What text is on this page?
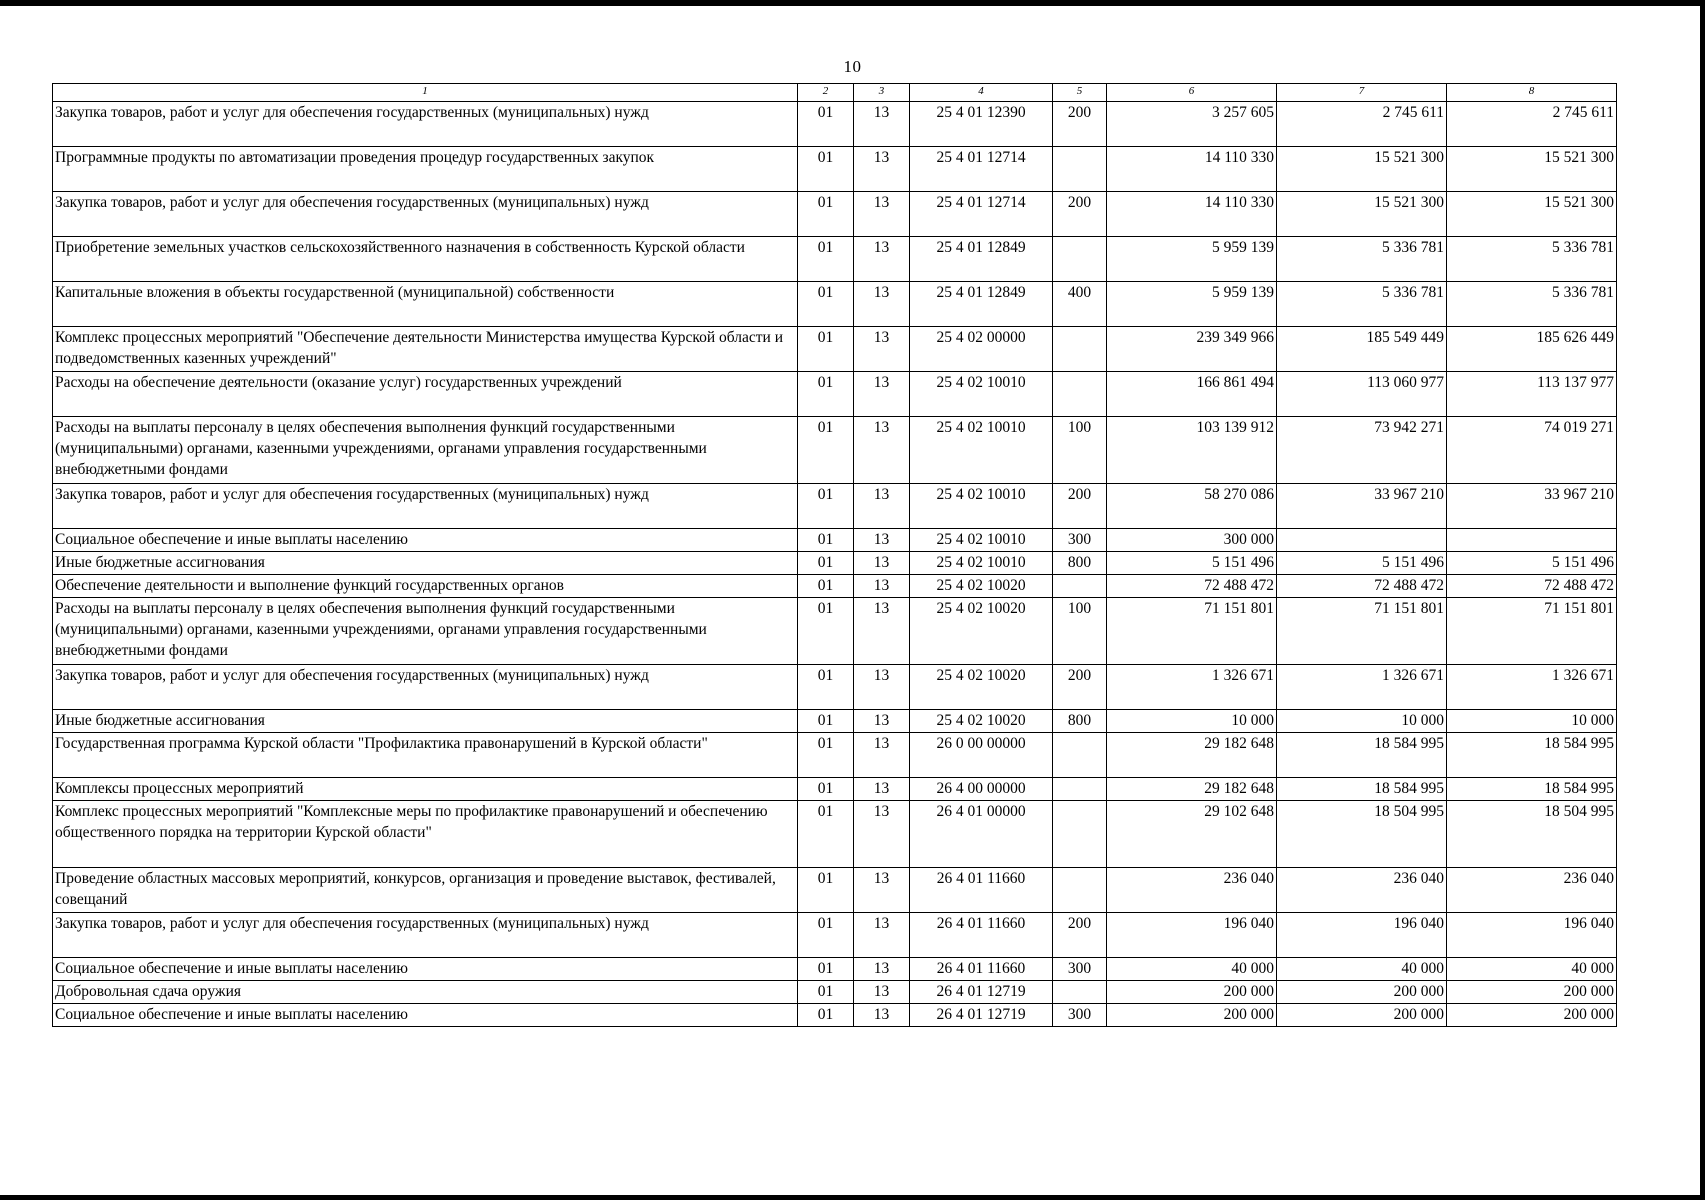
10
1	2	3	4	5	6	7	8
Закупка товаров, работ и услуг для обеспечения государственных (муниципальных) нужд	01	13	25 4 01 12390	200	3 257 605	2 745 611	2 745 611
Программные продукты по автоматизации проведения процедур государственных закупок	01	13	25 4 01 12714		14 110 330	15 521 300	15 521 300
Закупка товаров, работ и услуг для обеспечения государственных (муниципальных) нужд	01	13	25 4 01 12714	200	14 110 330	15 521 300	15 521 300
Приобретение земельных участков сельскохозяйственного назначения в собственность Курской области	01	13	25 4 01 12849		5 959 139	5 336 781	5 336 781
Капитальные вложения в объекты государственной (муниципальной) собственности	01	13	25 4 01 12849	400	5 959 139	5 336 781	5 336 781
Комплекс процессных мероприятий "Обеспечение деятельности Министерства имущества Курской области и подведомственных казенных учреждений"	01	13	25 4 02 00000		239 349 966	185 549 449	185 626 449
Расходы на обеспечение деятельности (оказание услуг) государственных учреждений	01	13	25 4 02 10010		166 861 494	113 060 977	113 137 977
Расходы на выплаты персоналу в целях обеспечения выполнения функций государственными (муниципальными) органами, казенными учреждениями, органами управления государственными внебюджетными фондами	01	13	25 4 02 10010	100	103 139 912	73 942 271	74 019 271
Закупка товаров, работ и услуг для обеспечения государственных (муниципальных) нужд	01	13	25 4 02 10010	200	58 270 086	33 967 210	33 967 210
Социальное обеспечение и иные выплаты населению	01	13	25 4 02 10010	300	300 000		
Иные бюджетные ассигнования	01	13	25 4 02 10010	800	5 151 496	5 151 496	5 151 496
Обеспечение деятельности и выполнение функций государственных органов	01	13	25 4 02 10020		72 488 472	72 488 472	72 488 472
Расходы на выплаты персоналу в целях обеспечения выполнения функций государственными (муниципальными) органами, казенными учреждениями, органами управления государственными внебюджетными фондами	01	13	25 4 02 10020	100	71 151 801	71 151 801	71 151 801
Закупка товаров, работ и услуг для обеспечения государственных (муниципальных) нужд	01	13	25 4 02 10020	200	1 326 671	1 326 671	1 326 671
Иные бюджетные ассигнования	01	13	25 4 02 10020	800	10 000	10 000	10 000
Государственная программа Курской области "Профилактика правонарушений в Курской области"	01	13	26 0 00 00000		29 182 648	18 584 995	18 584 995
Комплексы процессных мероприятий	01	13	26 4 00 00000		29 182 648	18 584 995	18 584 995
Комплекс процессных мероприятий "Комплексные меры по профилактике правонарушений и обеспечению общественного порядка на территории Курской области"	01	13	26 4 01 00000		29 102 648	18 504 995	18 504 995
Проведение областных массовых мероприятий, конкурсов, организация и проведение выставок, фестивалей, совещаний	01	13	26 4 01 11660		236 040	236 040	236 040
Закупка товаров, работ и услуг для обеспечения государственных (муниципальных) нужд	01	13	26 4 01 11660	200	196 040	196 040	196 040
Социальное обеспечение и иные выплаты населению	01	13	26 4 01 11660	300	40 000	40 000	40 000
Добровольная сдача оружия	01	13	26 4 01 12719		200 000	200 000	200 000
Социальное обеспечение и иные выплаты населению	01	13	26 4 01 12719	300	200 000	200 000	200 000
